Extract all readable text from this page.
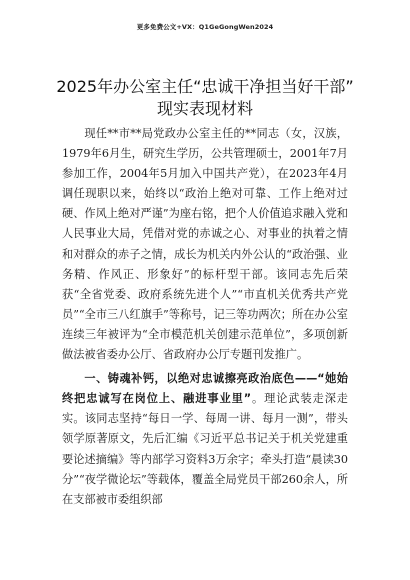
更多免费公文+VX：Q1GeGongWen2024
2025年办公室主任“忠诚干净担当好干部”
现实表现材料

现任**市**局党政办公室主任的**同志（女，汉族，1979年6月生，研究生学历，公共管理硕士，2001年7月参加工作，2004年5月加入中国共产党），在2023年4月调任现职以来，始终以“政治上绝对可靠、工作上绝对过硬、作风上绝对严谨”为座右铭，把个人价值追求融入党和人民事业大局，凭借对党的赤诚之心、对事业的执着之情和对群众的赤子之情，成长为机关内外公认的“政治强、业务精、作风正、形象好”的标杆型干部。该同志先后荣获“全省党委、政府系统先进个人”“市直机关优秀共产党员”“全市三八红旗手”等称号，记三等功两次；所在办公室连续三年被评为“全市模范机关创建示范单位”，多项创新做法被省委办公厅、省政府办公厅专题刊发推广。

一、铸魂补钙，以绝对忠诚擦亮政治底色——“她始终把忠诚写在岗位上、融进事业里”。理论武装走深走实。该同志坚持“每日一学、每周一讲、每月一测”，带头领学原著原文，先后汇编《习近平总书记关于机关党建重要论述摘编》等内部学习资料3万余字；牵头打造“晨读30分”“夜学微论坛”等载体，覆盖全局党员干部260余人，所在支部被市委组织部
